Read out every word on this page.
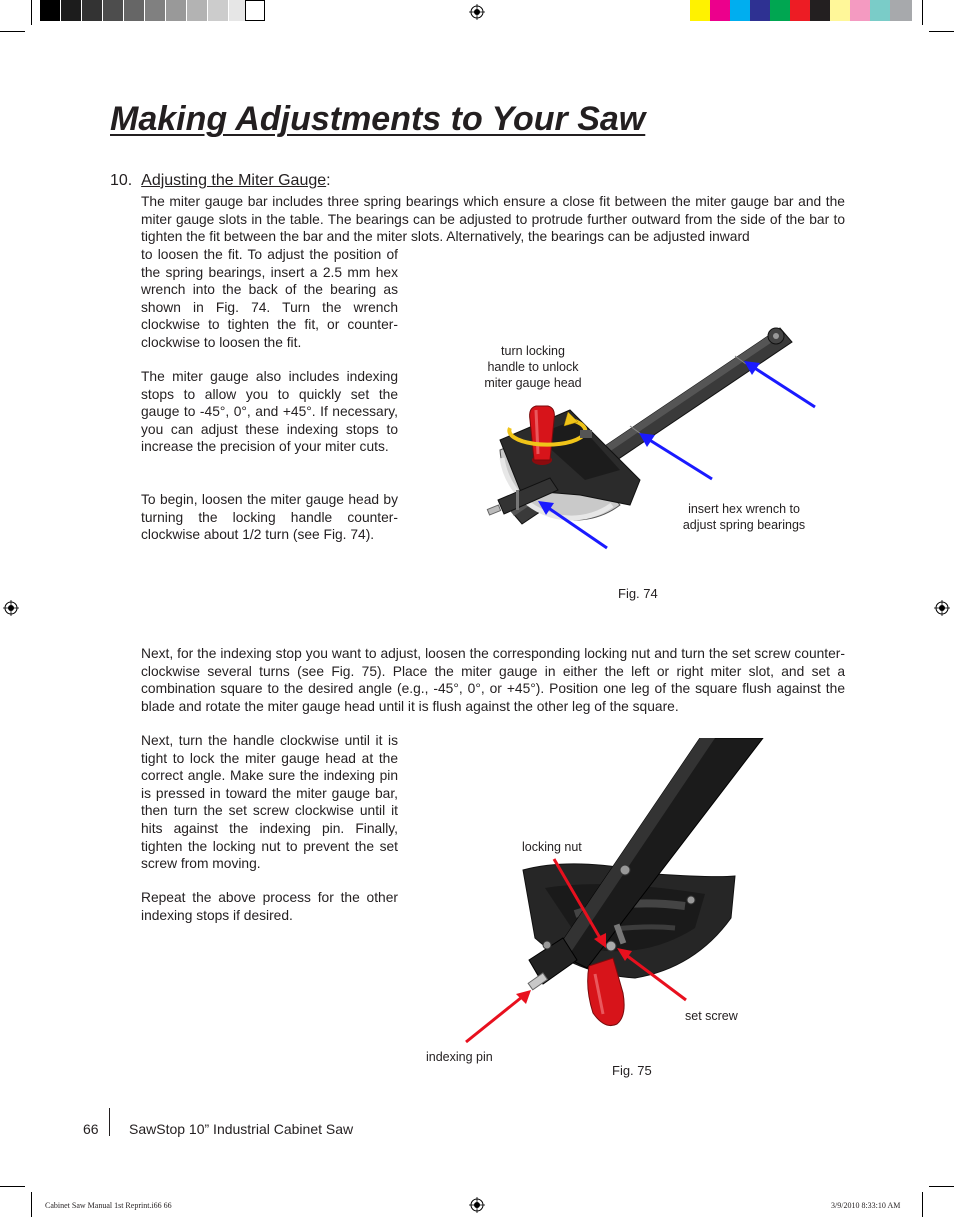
Making Adjustments to Your Saw
10. Adjusting the Miter Gauge:

The miter gauge bar includes three spring bearings which ensure a close fit between the miter gauge bar and the miter gauge slots in the table. The bearings can be adjusted to protrude further outward from the side of the bar to tighten the fit between the bar and the miter slots. Alternatively, the bearings can be adjusted inward

to loosen the fit. To adjust the position of the spring bearings, insert a 2.5 mm hex wrench into the back of the bearing as shown in Fig. 74. Turn the wrench clockwise to tighten the fit, or counter-clockwise to loosen the fit.

The miter gauge also includes indexing stops to allow you to quickly set the gauge to -45°, 0°, and +45°. If necessary, you can adjust these indexing stops to increase the precision of your miter cuts.

To begin, loosen the miter gauge head by turning the locking handle counter-clockwise about 1/2 turn (see Fig. 74).

turn locking
handle to unlock
miter gauge head
insert hex wrench to
adjust spring bearings
Fig. 74

Next, for the indexing stop you want to adjust, loosen the corresponding locking nut and turn the set screw counter-clockwise several turns (see Fig. 75). Place the miter gauge in either the left or right miter slot, and set a combination square to the desired angle (e.g., -45°, 0°, or +45°). Position one leg of the square flush against the blade and rotate the miter gauge head until it is flush against the other leg of the square.

Next, turn the handle clockwise until it is tight to lock the miter gauge head at the correct angle. Make sure the indexing pin is pressed in toward the miter gauge bar, then turn the set screw clockwise until it hits against the indexing pin. Finally, tighten the locking nut to prevent the set screw from moving.

Repeat the above process for the other indexing stops if desired.

locking nut
set screw
indexing pin
Fig. 75
66 SawStop 10” Industrial Cabinet Saw
Cabinet Saw Manual 1st Reprint.i66 66	3/9/2010 8:33:10 AM
